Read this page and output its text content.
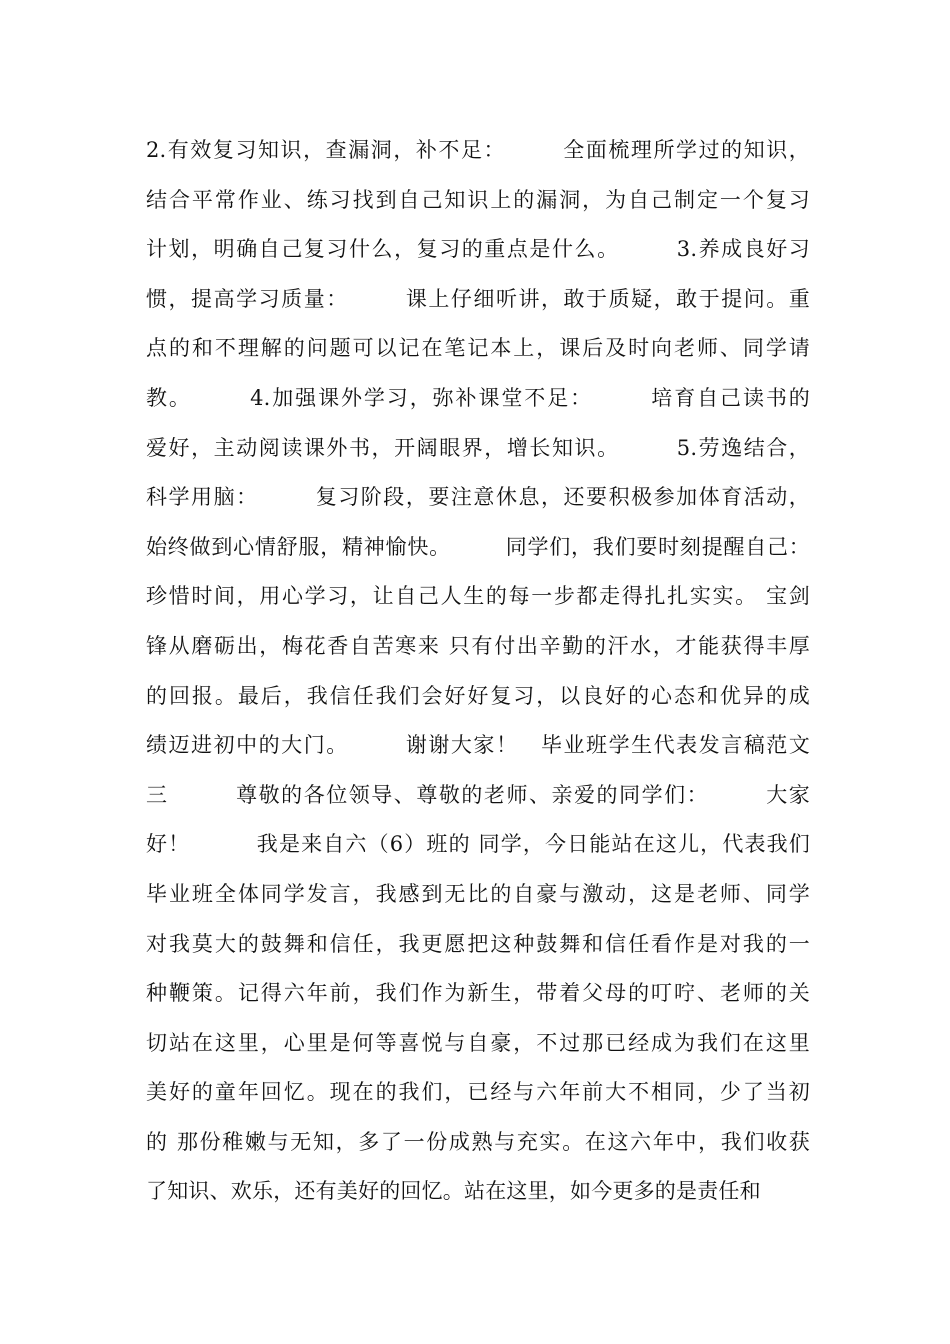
2.有效复习知识，查漏洞，补不足：　　　全面梳理所学过的知识，
结合平常作业、练习找到自己知识上的漏洞，为自己制定一个复习
计划，明确自己复习什么，复习的重点是什么。　　　3.养成良好习
惯，提高学习质量：　　　课上仔细听讲，敢于质疑，敢于提问。重
点的和不理解的问题可以记在笔记本上，课后及时向老师、同学请
教。　　　4.加强课外学习，弥补课堂不足：　　　培育自己读书的
爱好，主动阅读课外书，开阔眼界，增长知识。　　　5.劳逸结合，
科学用脑：　　　复习阶段，要注意休息，还要积极参加体育活动，
始终做到心情舒服，精神愉快。　　　同学们，我们要时刻提醒自己：
珍惜时间，用心学习，让自己人生的每一步都走得扎扎实实。 宝剑
锋从磨砺出，梅花香自苦寒来 只有付出辛勤的汗水，才能获得丰厚
的回报。最后，我信任我们会好好复习，以良好的心态和优异的成
绩迈进初中的大门。　　　谢谢大家！　毕业班学生代表发言稿范文
三　　　尊敬的各位领导、尊敬的老师、亲爱的同学们：　　　大家
好！　　　我是来自六（6）班的 同学，今日能站在这儿，代表我们
毕业班全体同学发言，我感到无比的自豪与激动，这是老师、同学
对我莫大的鼓舞和信任，我更愿把这种鼓舞和信任看作是对我的一
种鞭策。记得六年前，我们作为新生，带着父母的叮咛、老师的关
切站在这里，心里是何等喜悦与自豪，不过那已经成为我们在这里
美好的童年回忆。现在的我们，已经与六年前大不相同，少了当初
的 那份稚嫩与无知，多了一份成熟与充实。在这六年中，我们收获
了知识、欢乐，还有美好的回忆。站在这里，如今更多的是责任和
